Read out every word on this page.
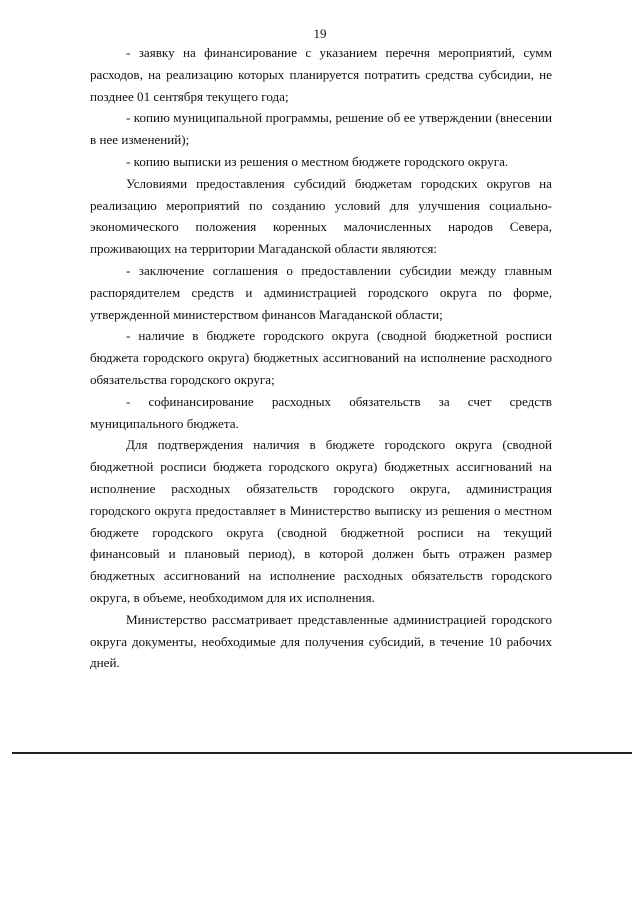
19

- заявку на финансирование с указанием перечня мероприятий, сумм расходов, на реализацию которых планируется потратить средства субсидии, не позднее 01 сентября текущего года;

- копию муниципальной программы, решение об ее утверждении (внесении в нее изменений);

- копию выписки из решения о местном бюджете городского округа.

Условиями предоставления субсидий бюджетам городских округов на реализацию мероприятий по созданию условий для улучшения социально-экономического положения коренных малочисленных народов Севера, проживающих на территории Магаданской области являются:

- заключение соглашения о предоставлении субсидии между главным распорядителем средств и администрацией городского округа по форме, утвержденной министерством финансов Магаданской области;

- наличие в бюджете городского округа (сводной бюджетной росписи бюджета городского округа) бюджетных ассигнований на исполнение расходного обязательства городского округа;

- софинансирование расходных обязательств за счет средств муниципального бюджета.

Для подтверждения наличия в бюджете городского округа (сводной бюджетной росписи бюджета городского округа) бюджетных ассигнований на исполнение расходных обязательств городского округа, администрация городского округа предоставляет в Министерство выписку из решения о местном бюджете городского округа (сводной бюджетной росписи на текущий финансовый и плановый период), в которой должен быть отражен размер бюджетных ассигнований на исполнение расходных обязательств городского округа, в объеме, необходимом для их исполнения.

Министерство рассматривает представленные администрацией городского округа документы, необходимые для получения субсидий, в течение 10 рабочих дней.
